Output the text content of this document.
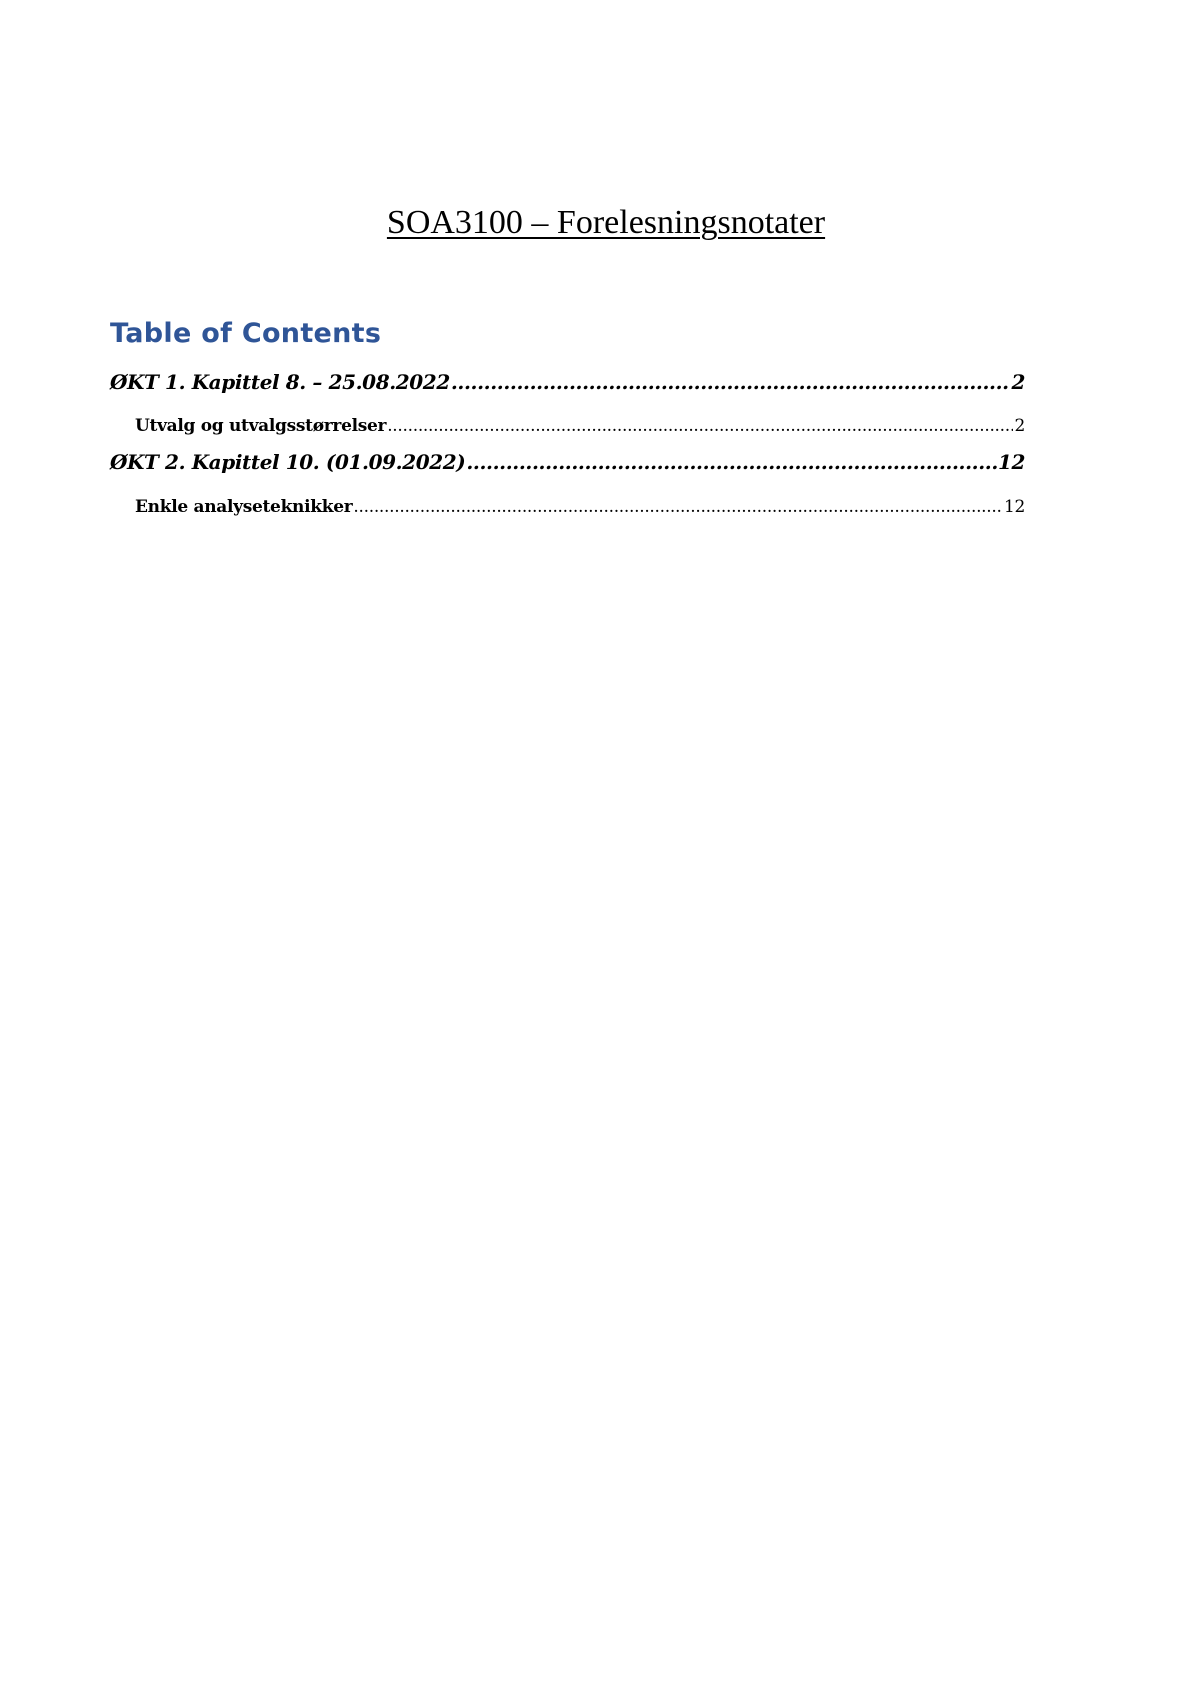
SOA3100 – Forelesningsnotater
Table of Contents
ØKT 1. Kapittel 8. – 25.08.2022 .....	2
Utvalg og utvalgsstørrelser .....	2
ØKT 2. Kapittel 10. (01.09.2022) .....	12
Enkle analyseteknikker .....	12
